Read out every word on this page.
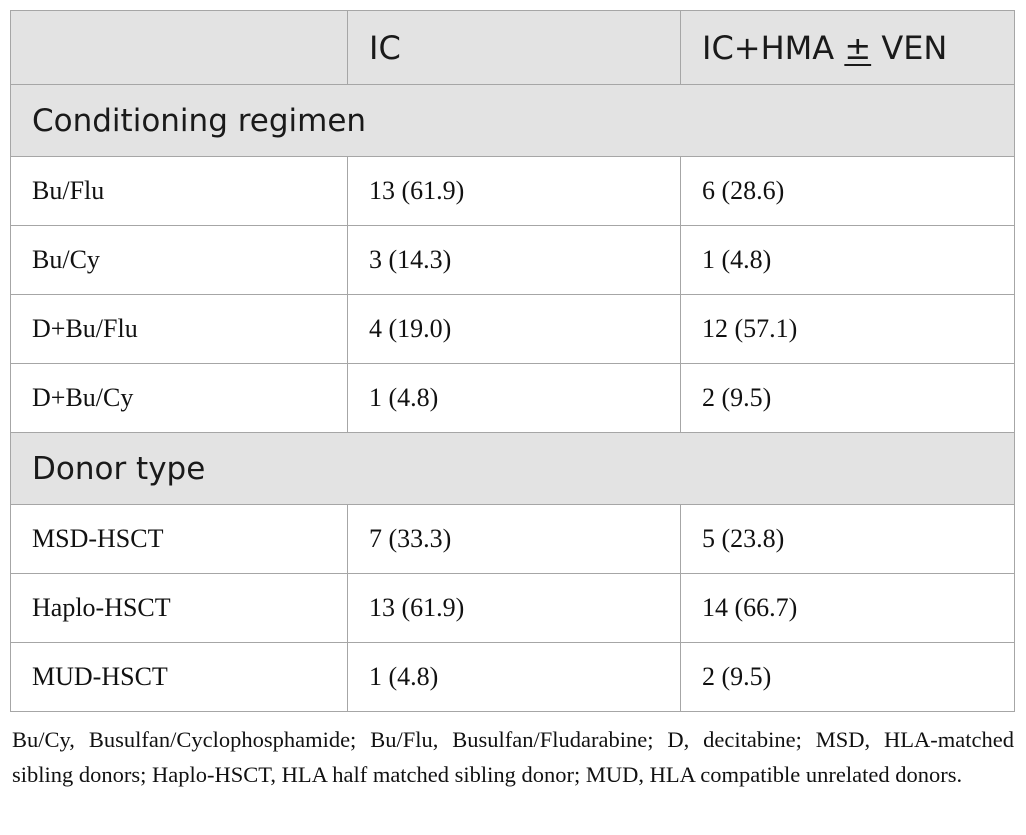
	IC	IC+HMA ± VEN
Conditioning regimen		
Bu/Flu	13 (61.9)	6 (28.6)
Bu/Cy	3 (14.3)	1 (4.8)
D+Bu/Flu	4 (19.0)	12 (57.1)
D+Bu/Cy	1 (4.8)	2 (9.5)
Donor type		
MSD-HSCT	7 (33.3)	5 (23.8)
Haplo-HSCT	13 (61.9)	14 (66.7)
MUD-HSCT	1 (4.8)	2 (9.5)

Bu/Cy, Busulfan/Cyclophosphamide; Bu/Flu, Busulfan/Fludarabine; D, decitabine; MSD, HLA-matched sibling donors; Haplo-HSCT, HLA half matched sibling donor; MUD, HLA compatible unrelated donors.
